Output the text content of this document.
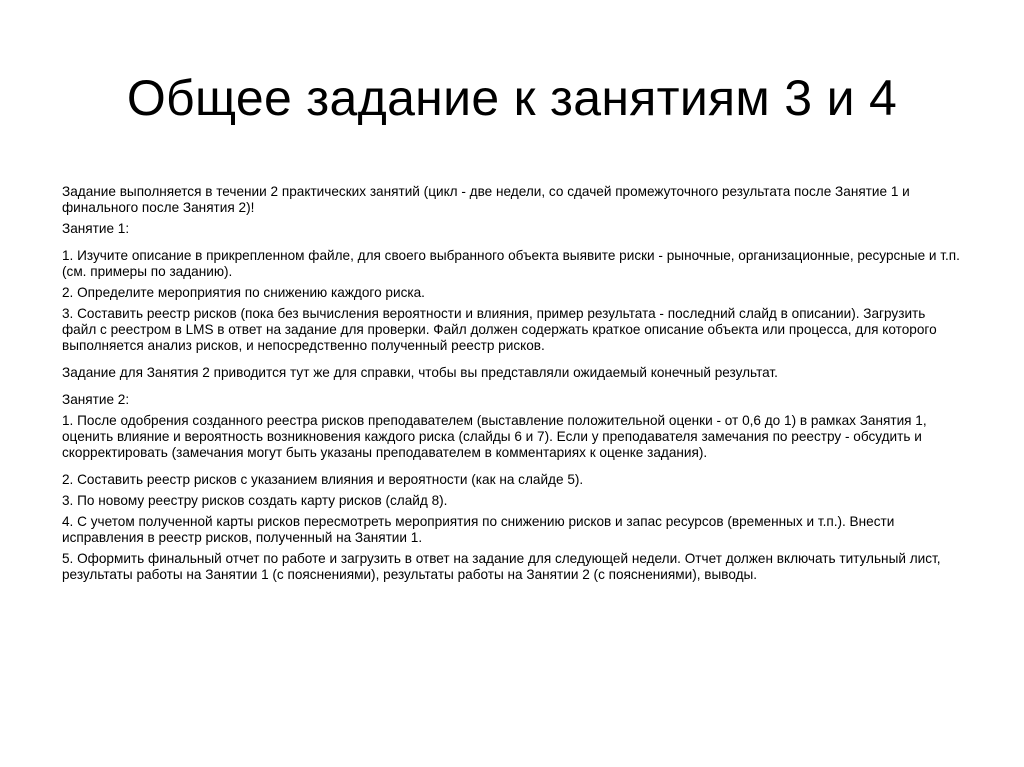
Общее задание к занятиям 3 и 4

Задание выполняется в течении 2 практических занятий (цикл - две недели, со сдачей промежуточного результата после Занятие 1 и финального после Занятия 2)!

Занятие 1:

1. Изучите описание в прикрепленном файле, для своего выбранного объекта выявите риски - рыночные, организационные, ресурсные и т.п. (см. примеры по заданию).

2. Определите мероприятия по снижению каждого риска.

3. Составить реестр рисков (пока без вычисления вероятности и влияния, пример результата - последний слайд в описании). Загрузить файл с реестром в LMS в ответ на задание для проверки. Файл должен содержать краткое описание объекта или процесса, для которого выполняется анализ рисков, и непосредственно полученный реестр рисков.

Задание для Занятия 2 приводится тут же для справки, чтобы вы представляли ожидаемый конечный результат.

Занятие 2:

1. После одобрения созданного реестра рисков преподавателем (выставление положительной оценки - от 0,6 до 1) в рамках Занятия 1, оценить влияние и вероятность возникновения каждого риска (слайды 6 и 7). Если у преподавателя замечания по реестру - обсудить и скорректировать (замечания могут быть указаны преподавателем в комментариях к оценке задания).

2. Составить реестр рисков с указанием влияния и вероятности (как на слайде 5).

3. По новому реестру рисков создать карту рисков (слайд 8).

4. С учетом полученной карты рисков пересмотреть мероприятия по снижению рисков и запас ресурсов (временных и т.п.). Внести исправления в реестр рисков, полученный на Занятии 1.

5. Оформить финальный отчет по работе и загрузить в ответ на задание для следующей недели. Отчет должен включать титульный лист, результаты работы на Занятии 1 (с пояснениями), результаты работы на Занятии 2 (с пояснениями), выводы.
